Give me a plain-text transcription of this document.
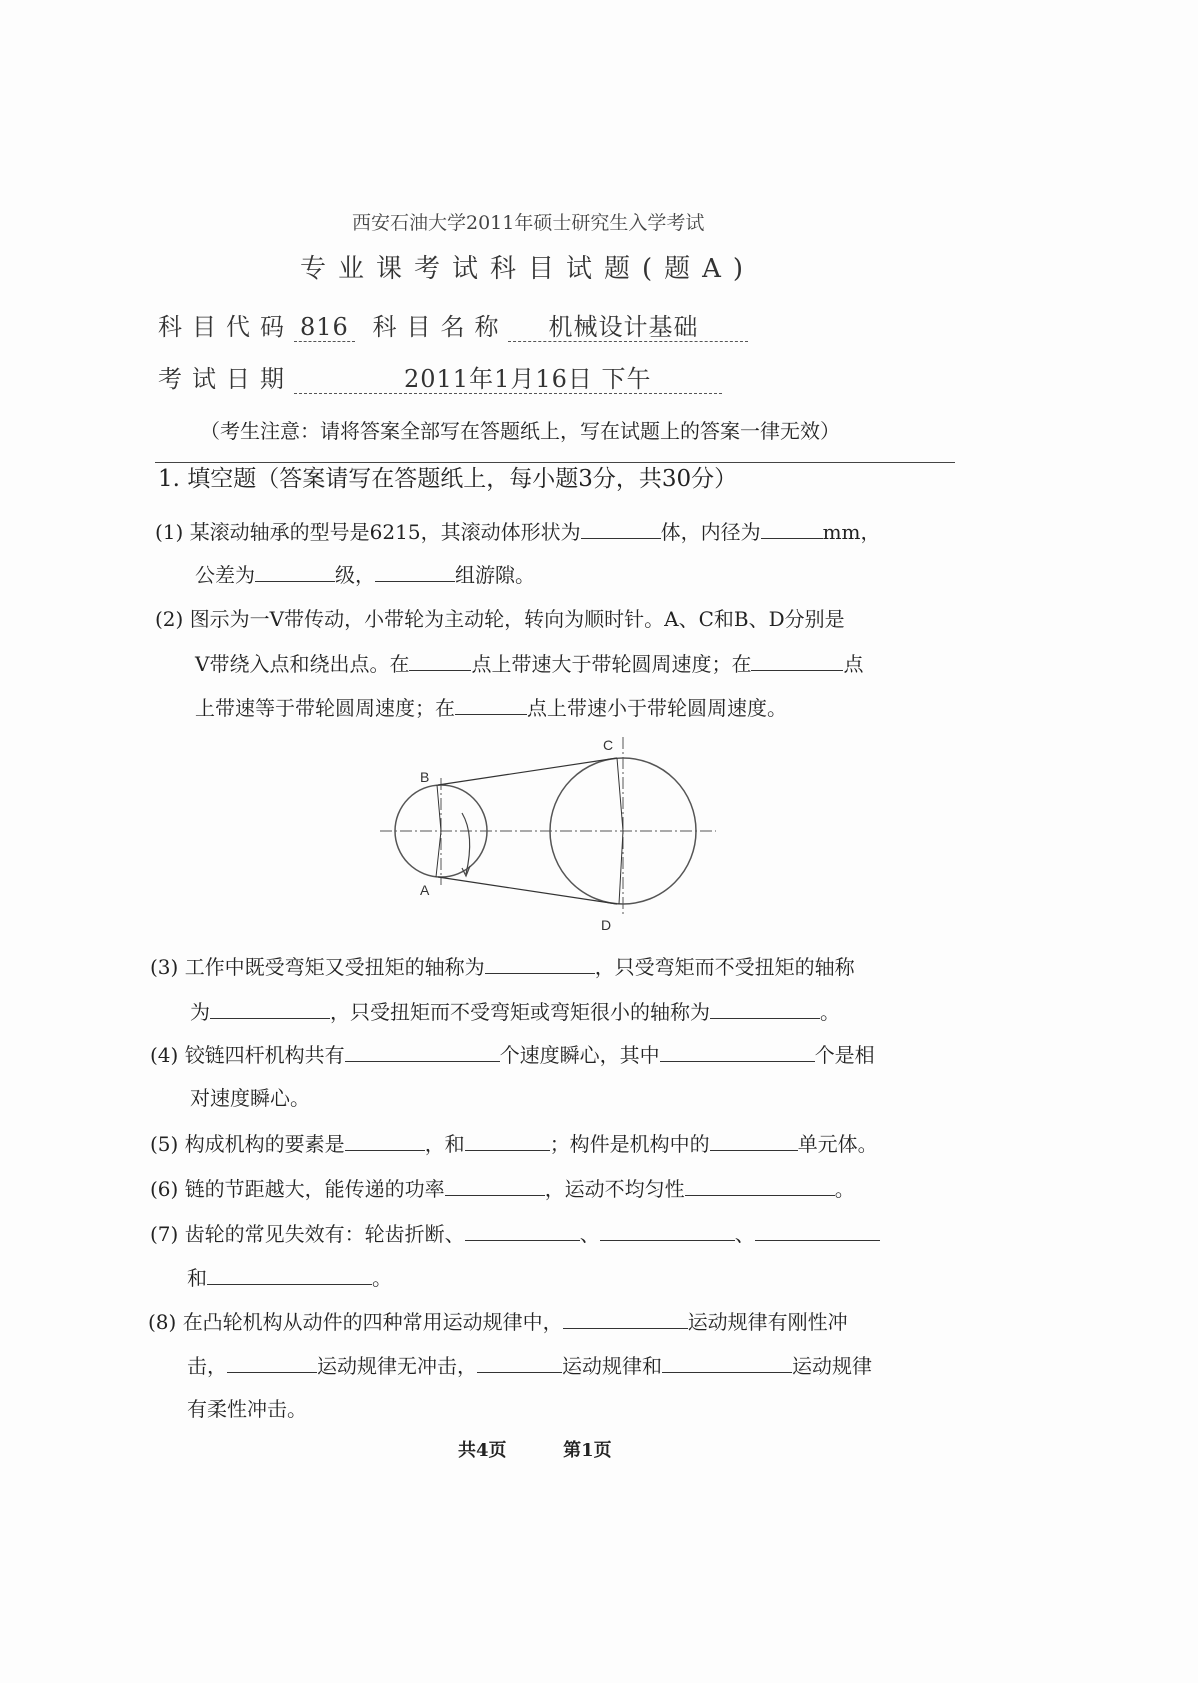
西安石油大学2011年硕士研究生入学考试
专业课考试科目试题(题A)
科目代码 816 科目名称 机械设计基础
考试日期	2011年1月16日 下午
（考生注意：请将答案全部写在答题纸上，写在试题上的答案一律无效）
1. 填空题（答案请写在答题纸上，每小题3分，共30分）
(1) 某滚动轴承的型号是6215，其滚动体形状为	体，内径为	mm，
公差为	级，	组游隙。
(2) 图示为一V带传动，小带轮为主动轮，转向为顺时针。A、C和B、D分别是
V带绕入点和绕出点。在	点上带速大于带轮圆周速度；在	点
上带速等于带轮圆周速度；在	点上带速小于带轮圆周速度。
(3) 工作中既受弯矩又受扭矩的轴称为	，只受弯矩而不受扭矩的轴称
为	，只受扭矩而不受弯矩或弯矩很小的轴称为	。
(4) 铰链四杆机构共有	个速度瞬心，其中	个是相
对速度瞬心。
(5) 构成机构的要素是	，和	；构件是机构中的	单元体。
(6) 链的节距越大，能传递的功率	，运动不均匀性	。
(7) 齿轮的常见失效有：轮齿折断、	、	、
和	。
(8) 在凸轮机构从动件的四种常用运动规律中，	运动规律有刚性冲
击，	运动规律无冲击，	运动规律和	运动规律
有柔性冲击。
A
B
C
D
共4页	第1页
